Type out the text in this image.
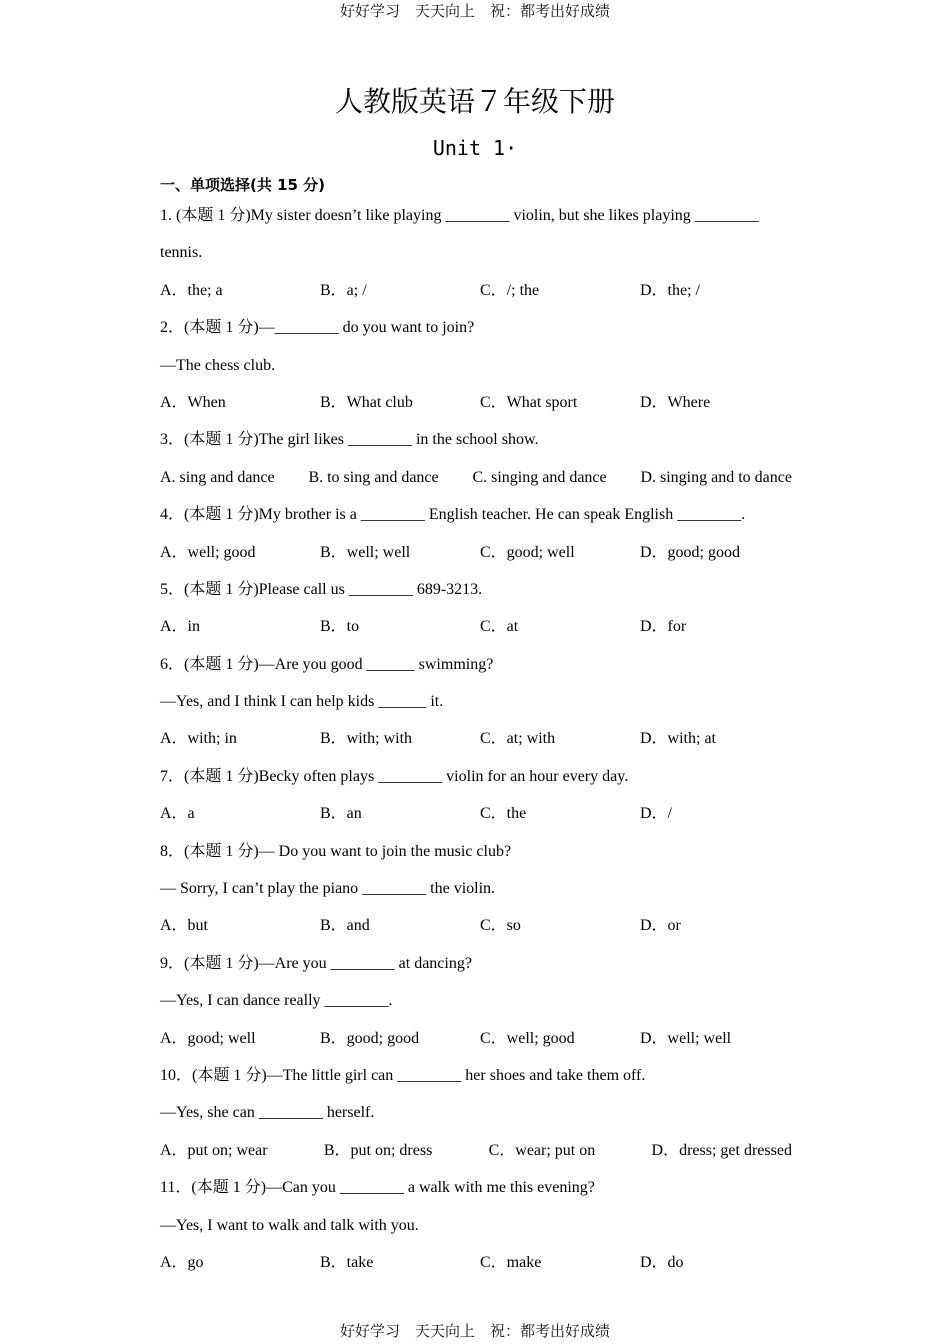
好好学习　天天向上　祝：都考出好成绩
人教版英语７年级下册
Unit 1·
一、单项选择(共 15 分)
1. (本题 1 分)My sister doesn’t like playing ________ violin, but she likes playing ________
tennis.
A．the; a	B．a; /	C．/; the	D．the; /
2．(本题 1 分)—________ do you want to join?
—The chess club.
A．When	B．What club	C．What sport	D．Where
3．(本题 1 分)The girl likes ________ in the school show.
A. sing and dance B. to sing and dance C. singing and dance D. singing and to dance
4．(本题 1 分)My brother is a ________ English teacher. He can speak English ________.
A．well; good	B．well; well	C．good; well	D．good; good
5．(本题 1 分)Please call us ________ 689-3213.
A．in	B．to	C．at	D．for
6．(本题 1 分)—Are you good ______ swimming?
—Yes, and I think I can help kids ______ it.
A．with; in	B．with; with	C．at; with	D．with; at
7．(本题 1 分)Becky often plays ________ violin for an hour every day.
A．a	B．an	C．the	D．/
8．(本题 1 分)— Do you want to join the music club?
— Sorry, I can’t play the piano ________ the violin.
A．but	B．and	C．so	D．or
9．(本题 1 分)—Are you ________ at dancing?
—Yes, I can dance really ________.
A．good; well	B．good; good	C．well; good	D．well; well
10．(本题 1 分)—The little girl can ________ her shoes and take them off.
—Yes, she can ________ herself.
A．put on; wear	B．put on; dress	C．wear; put on	D．dress; get dressed
11．(本题 1 分)—Can you ________ a walk with me this evening?
—Yes, I want to walk and talk with you.
A．go	B．take	C．make	D．do
好好学习　天天向上　祝：都考出好成绩
